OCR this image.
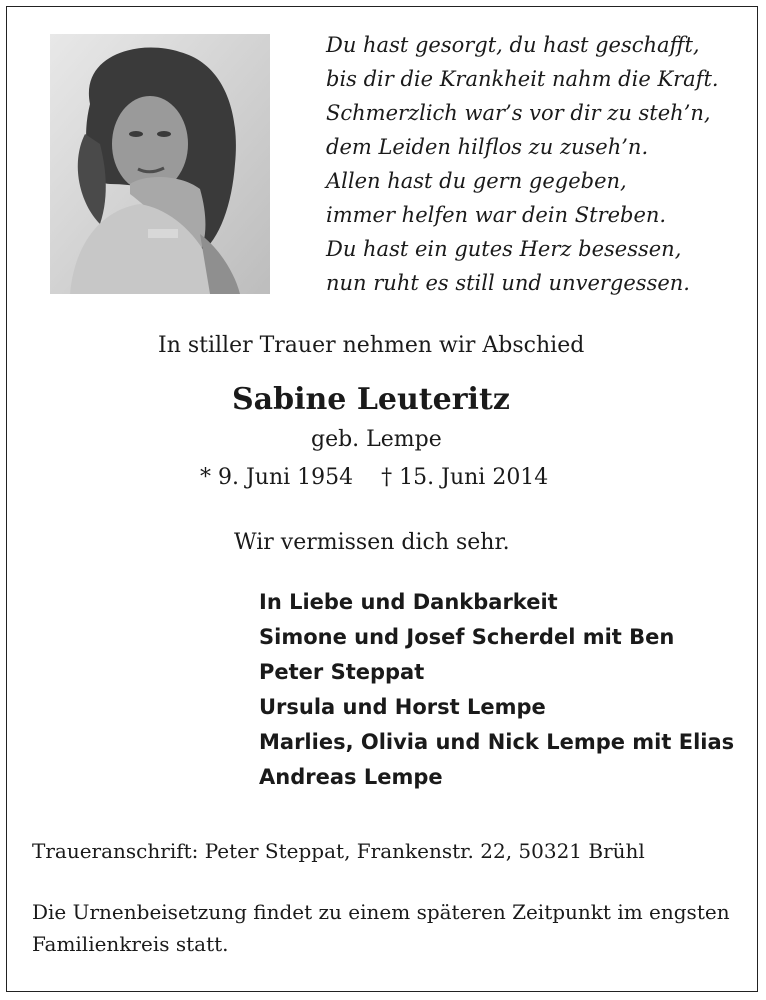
Du hast gesorgt, du hast geschafft,
bis dir die Krankheit nahm die Kraft.
Schmerzlich war’s vor dir zu steh’n,
dem Leiden hilflos zu zuseh’n.
Allen hast du gern gegeben,
immer helfen war dein Streben.
Du hast ein gutes Herz besessen,
nun ruht es still und unvergessen.
In stiller Trauer nehmen wir Abschied
Sabine Leuteritz
geb. Lempe
* 9. Juni 1954 † 15. Juni 2014
Wir vermissen dich sehr.
In Liebe und Dankbarkeit
Simone und Josef Scherdel mit Ben
Peter Steppat
Ursula und Horst Lempe
Marlies, Olivia und Nick Lempe mit Elias
Andreas Lempe
Traueranschrift: Peter Steppat, Frankenstr. 22, 50321 Brühl
Die Urnenbeisetzung findet zu einem späteren Zeitpunkt im engsten Familienkreis statt.
